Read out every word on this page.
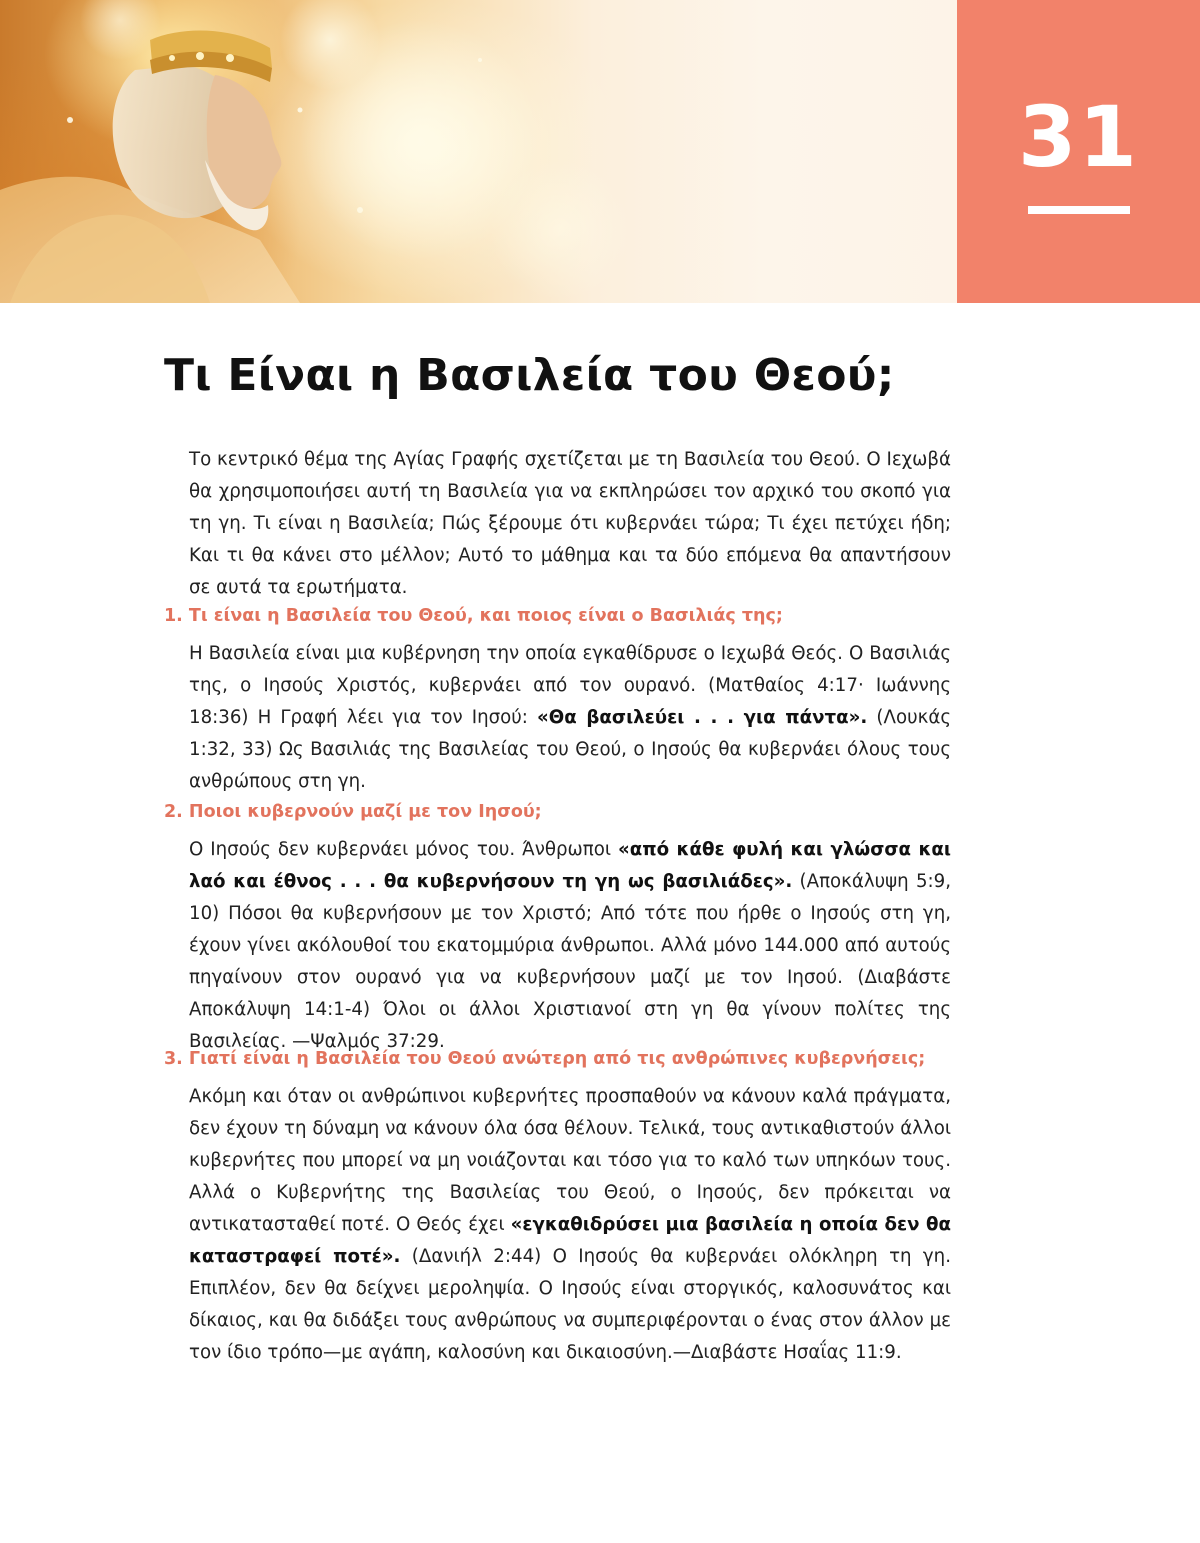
31
Τι Είναι η Βασιλεία του Θεού;

Το κεντρικό θέμα της Αγίας Γραφής σχετίζεται με τη Βασιλεία του Θεού. Ο Ιεχωβά θα χρησιμοποιήσει αυτή τη Βασιλεία για να εκπληρώσει τον αρχικό του σκοπό για τη γη. Τι είναι η Βασιλεία; Πώς ξέρουμε ότι κυβερνάει τώρα; Τι έχει πετύχει ήδη; Και τι θα κάνει στο μέλλον; Αυτό το μάθημα και τα δύο επόμενα θα απαντήσουν σε αυτά τα ερωτήματα.

1. Τι είναι η Βασιλεία του Θεού, και ποιος είναι ο Βασιλιάς της;

Η Βασιλεία είναι μια κυβέρνηση την οποία εγκαθίδρυσε ο Ιεχωβά Θεός. Ο Βασιλιάς της, ο Ιησούς Χριστός, κυβερνάει από τον ουρανό. (Ματθαίος 4:17· Ιωάννης 18:36) Η Γραφή λέει για τον Ιησού: «Θα βασιλεύει . . . για πάντα». (Λουκάς 1:32, 33) Ως Βασιλιάς της Βασιλείας του Θεού, ο Ιησούς θα κυβερνάει όλους τους ανθρώπους στη γη.

2. Ποιοι κυβερνούν μαζί με τον Ιησού;

Ο Ιησούς δεν κυβερνάει μόνος του. Άνθρωποι «από κάθε φυλή και γλώσσα και λαό και έθνος . . . θα κυβερνήσουν τη γη ως βασιλιάδες». (Αποκάλυψη 5:9, 10) Πόσοι θα κυβερνήσουν με τον Χριστό; Από τότε που ήρθε ο Ιησούς στη γη, έχουν γίνει ακόλουθοί του εκατομμύρια άνθρωποι. Αλλά μόνο 144.000 από αυτούς πηγαίνουν στον ουρανό για να κυβερνήσουν μαζί με τον Ιησού. (Διαβάστε Αποκάλυψη 14:1-4) Όλοι οι άλλοι Χριστιανοί στη γη θα γίνουν πολίτες της Βασιλείας. —Ψαλμός 37:29.

3. Γιατί είναι η Βασιλεία του Θεού ανώτερη από τις ανθρώπινες κυβερνήσεις;

Ακόμη και όταν οι ανθρώπινοι κυβερνήτες προσπαθούν να κάνουν καλά πράγματα, δεν έχουν τη δύναμη να κάνουν όλα όσα θέλουν. Τελικά, τους αντικαθιστούν άλλοι κυβερνήτες που μπορεί να μη νοιάζονται και τόσο για το καλό των υπηκόων τους. Αλλά ο Κυβερνήτης της Βασιλείας του Θεού, ο Ιησούς, δεν πρόκειται να αντικατασταθεί ποτέ. Ο Θεός έχει «εγκαθιδρύσει μια βασιλεία η οποία δεν θα καταστραφεί ποτέ». (Δανιήλ 2:44) Ο Ιησούς θα κυβερνάει ολόκληρη τη γη. Επιπλέον, δεν θα δείχνει μεροληψία. Ο Ιησούς είναι στοργικός, καλοσυνάτος και δίκαιος, και θα διδάξει τους ανθρώπους να συμπεριφέρονται ο ένας στον άλλον με τον ίδιο τρόπο—με αγάπη, καλοσύνη και δικαιοσύνη.—Διαβάστε Ησαΐας 11:9.
